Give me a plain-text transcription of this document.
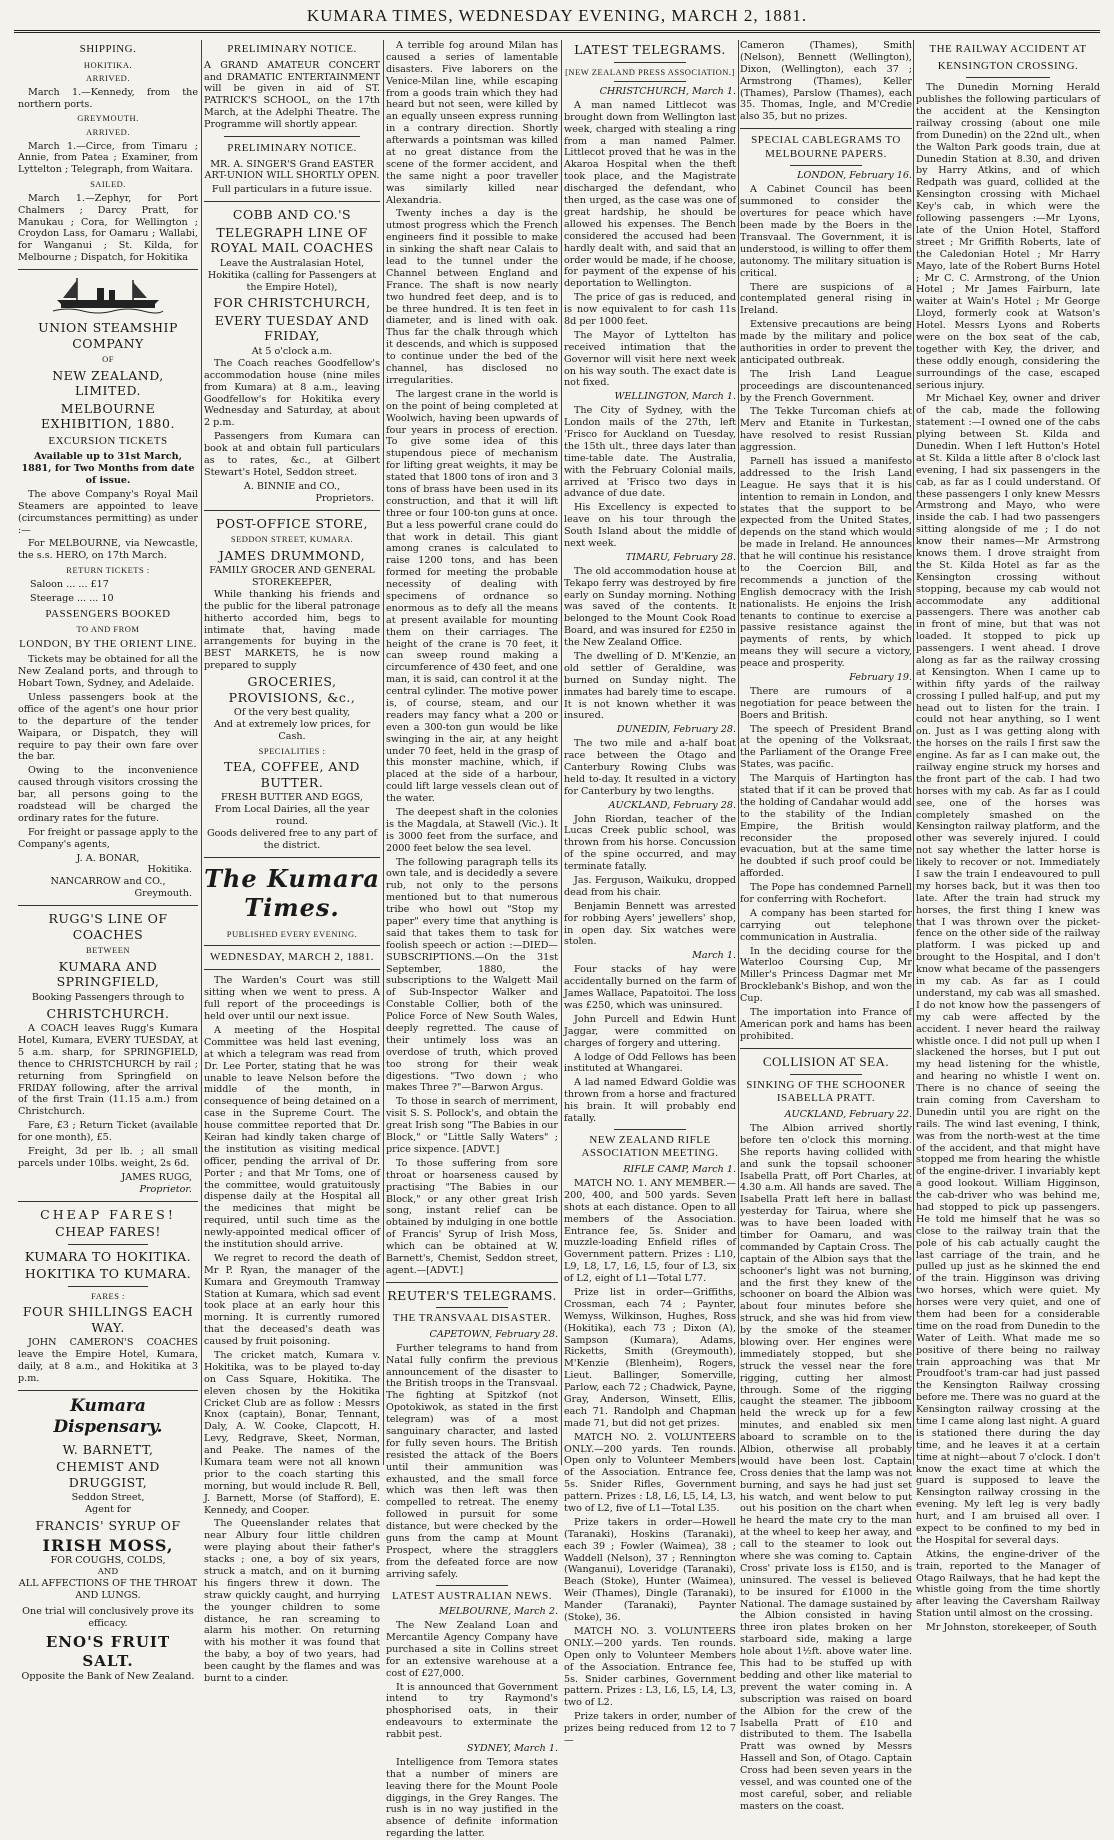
KUMARA TIMES, WEDNESDAY EVENING, MARCH 2, 1881.
SHIPPING.
HOKITIKA.
ARRIVED.

March 1.—Kennedy, from the northern ports.

GREYMOUTH.
ARRIVED.

March 1.—Circe, from Timaru ; Annie, from Patea ; Examiner, from Lyttelton ; Telegraph, from Waitara.

SAILED.

March 1.—Zephyr, for Port Chalmers ; Darcy Pratt, for Manukau ; Cora, for Wellington ; Croydon Lass, for Oamaru ; Wallabi, for Wanganui ; St. Kilda, for Melbourne ; Dispatch, for Hokitika

UNION STEAMSHIP COMPANY
OF
NEW ZEALAND, LIMITED.
MELBOURNE EXHIBITION, 1880.
EXCURSION TICKETS

Available up to 31st March, 1881, for Two Months from date of issue.

The above Company's Royal Mail Steamers are appointed to leave (circumstances permitting) as under :—

For MELBOURNE, via Newcastle, the s.s. HERO, on 17th March.

RETURN TICKETS :

Saloon ... ... £17

Steerage ... ... 10

PASSENGERS BOOKED
TO AND FROM
LONDON, BY THE ORIENT LINE.

Tickets may be obtained for all the New Zealand ports, and through to Hobart Town, Sydney, and Adelaide.

Unless passengers book at the office of the agent's one hour prior to the departure of the tender Waipara, or Dispatch, they will require to pay their own fare over the bar.

Owing to the inconvenience caused through visitors crossing the bar, all persons going to the roadstead will be charged the ordinary rates for the future.

For freight or passage apply to the Company's agents,

J. A. BONAR,
Hokitika.
NANCARROW and CO.,
Greymouth.
RUGG'S LINE OF COACHES
BETWEEN
KUMARA AND SPRINGFIELD,
Booking Passengers through to
CHRISTCHURCH.

A COACH leaves Rugg's Kumara Hotel, Kumara, EVERY TUESDAY, at 5 a.m. sharp, for SPRINGFIELD, thence to CHRISTCHURCH by rail ; returning from Springfield on FRIDAY following, after the arrival of the first Train (11.15 a.m.) from Christchurch.

Fare, £3 ; Return Ticket (available for one month), £5.

Freight, 3d per lb. ; all small parcels under 10lbs. weight, 2s 6d.

JAMES RUGG,
Proprietor.
CHEAP FARES!
CHEAP FARES!
KUMARA TO HOKITIKA.
HOKITIKA TO KUMARA.
FARES :
FOUR SHILLINGS EACH WAY.

JOHN CAMERON'S COACHES leave the Empire Hotel, Kumara, daily, at 8 a.m., and Hokitika at 3 p.m.

Kumara Dispensary.
W. BARNETT,
CHEMIST AND DRUGGIST,
Seddon Street,
Agent for
FRANCIS' SYRUP OF
IRISH MOSS,
FOR COUGHS, COLDS,
AND
ALL AFFECTIONS OF THE THROAT AND LUNGS.

One trial will conclusively prove its efficacy.

ENO'S FRUIT SALT.
Opposite the Bank of New Zealand.
PRELIMINARY NOTICE.

A GRAND AMATEUR CONCERT and DRAMATIC ENTERTAINMENT will be given in aid of ST. PATRICK'S SCHOOL, on the 17th March, at the Adelphi Theatre. The Programme will shortly appear.

PRELIMINARY NOTICE.

MR. A. SINGER'S Grand EASTER ART-UNION WILL SHORTLY OPEN.

Full particulars in a future issue.

COBB AND CO.'S
TELEGRAPH LINE OF ROYAL MAIL COACHES
Leave the Australasian Hotel, Hokitika (calling for Passengers at the Empire Hotel),
FOR CHRISTCHURCH,
EVERY TUESDAY AND FRIDAY,
At 5 o'clock a.m.

The Coach reaches Goodfellow's accommodation house (nine miles from Kumara) at 8 a.m., leaving Goodfellow's for Hokitika every Wednesday and Saturday, at about 2 p.m.

Passengers from Kumara can book at and obtain full particulars as to rates, &c., at Gilbert Stewart's Hotel, Seddon street.

A. BINNIE and CO.,
Proprietors.
POST-OFFICE STORE,
SEDDON STREET, KUMARA.
JAMES DRUMMOND,
FAMILY GROCER AND GENERAL STOREKEEPER,

While thanking his friends and the public for the liberal patronage hitherto accorded him, begs to intimate that, having made arrangements for buying in the BEST MARKETS, he is now prepared to supply

GROCERIES, PROVISIONS, &c.,
Of the very best quality,
And at extremely low prices, for Cash.
SPECIALITIES :
TEA, COFFEE, AND BUTTER.
FRESH BUTTER AND EGGS,
From Local Dairies, all the year round.
Goods delivered free to any part of the district.
The Kumara Times.
PUBLISHED EVERY EVENING.
WEDNESDAY, MARCH 2, 1881.

The Warden's Court was still sitting when we went to press. A full report of the proceedings is held over until our next issue.

A meeting of the Hospital Committee was held last evening, at which a telegram was read from Dr. Lee Porter, stating that he was unable to leave Nelson before the middle of the month, in consequence of being detained on a case in the Supreme Court. The house committee reported that Dr. Keiran had kindly taken charge of the institution as visiting medical officer, pending the arrival of Dr. Porter ; and that Mr Toms, one of the committee, would gratuitously dispense daily at the Hospital all the medicines that might be required, until such time as the newly-appointed medical officer of the institution should arrive.

We regret to record the death of Mr P. Ryan, the manager of the Kumara and Greymouth Tramway Station at Kumara, which sad event took place at an early hour this morning. It is currently rumored that the deceased's death was caused by fruit poisoning.

The cricket match, Kumara v. Hokitika, was to be played to-day on Cass Square, Hokitika. The eleven chosen by the Hokitika Cricket Club are as follow : Messrs Knox (captain), Bonar, Tennant, Daly, A. W. Cooke, Clapcott, H. Levy, Redgrave, Skeet, Norman, and Peake. The names of the Kumara team were not all known prior to the coach starting this morning, but would include R. Bell, J. Barnett, Morse (of Stafford), E. Kennedy, and Cooper.

The Queenslander relates that near Albury four little children were playing about their father's stacks ; one, a boy of six years, struck a match, and on it burning his fingers threw it down. The straw quickly caught, and hurrying the younger children to some distance, he ran screaming to alarm his mother. On returning with his mother it was found that the baby, a boy of two years, had been caught by the flames and was burnt to a cinder.

A terrible fog around Milan has caused a series of lamentable disasters. Five laborers on the Venice-Milan line, while escaping from a goods train which they had heard but not seen, were killed by an equally unseen express running in a contrary direction. Shortly afterwards a pointsman was killed at no great distance from the scene of the former accident, and the same night a poor traveller was similarly killed near Alexandria.

Twenty inches a day is the utmost progress which the French engineers find it possible to make in sinking the shaft near Calais to lead to the tunnel under the Channel between England and France. The shaft is now nearly two hundred feet deep, and is to be three hundred. It is ten feet in diameter, and is lined with oak. Thus far the chalk through which it descends, and which is supposed to continue under the bed of the channel, has disclosed no irregularities.

The largest crane in the world is on the point of being completed at Woolwich, having been upwards of four years in process of erection. To give some idea of this stupendous piece of mechanism for lifting great weights, it may be stated that 1800 tons of iron and 3 tons of brass have been used in its construction, and that it will lift three or four 100-ton guns at once. But a less powerful crane could do that work in detail. This giant among cranes is calculated to raise 1200 tons, and has been formed for meeting the probable necessity of dealing with specimens of ordnance so enormous as to defy all the means at present available for mounting them on their carriages. The height of the crane is 70 feet, it can sweep round making a circumference of 430 feet, and one man, it is said, can control it at the central cylinder. The motive power is, of course, steam, and our readers may fancy what a 200 or even a 300-ton gun would be like swinging in the air, at any height under 70 feet, held in the grasp of this monster machine, which, if placed at the side of a harbour, could lift large vessels clean out of the water.

The deepest shaft in the colonies is the Magdala, at Stawell (Vic.). It is 3000 feet from the surface, and 2000 feet below the sea level.

The following paragraph tells its own tale, and is decidedly a severe rub, not only to the persons mentioned but to that numerous tribe who howl out "Stop my paper" every time that anything is said that takes them to task for foolish speech or action :—DIED—SUBSCRIPTIONS.—On the 31st September, 1880, the subscriptions to the Walgett Mail of Sub-Inspector Walker and Constable Collier, both of the Police Force of New South Wales, deeply regretted. The cause of their untimely loss was an overdose of truth, which proved too strong for their weak digestions. "Two down ; who makes Three ?"—Barwon Argus.

To those in search of merriment, visit S. S. Pollock's, and obtain the great Irish song "The Babies in our Block," or "Little Sally Waters" ; price sixpence. [ADVT.]

To those suffering from sore throat or hoarseness caused by practising "The Babies in our Block," or any other great Irish song, instant relief can be obtained by indulging in one bottle of Francis' Syrup of Irish Moss, which can be obtained at W. Barnett's, Chemist, Seddon street, agent.—[ADVT.]

REUTER'S TELEGRAMS.
THE TRANSVAAL DISASTER.
CAPETOWN, February 28.

Further telegrams to hand from Natal fully confirm the previous announcement of the disaster to the British troops in the Transvaal. The fighting at Spitzkof (not Opotokiwok, as stated in the first telegram) was of a most sanguinary character, and lasted for fully seven hours. The British resisted the attack of the Boers until their ammunition was exhausted, and the small force which was then left was then compelled to retreat. The enemy followed in pursuit for some distance, but were checked by the guns from the camp at Mount Prospect, where the stragglers from the defeated force are now arriving safely.

LATEST AUSTRALIAN NEWS.
MELBOURNE, March 2.

The New Zealand Loan and Mercantile Agency Company have purchased a site in Collins street for an extensive warehouse at a cost of £27,000.

It is announced that Government intend to try Raymond's phosphorised oats, in their endeavours to exterminate the rabbit pest.

SYDNEY, March 1.

Intelligence from Temora states that a number of miners are leaving there for the Mount Poole diggings, in the Grey Ranges. The rush is in no way justified in the absence of definite information regarding the latter.

LATEST TELEGRAMS.
[NEW ZEALAND PRESS ASSOCIATION.]
CHRISTCHURCH, March 1.

A man named Littlecot was brought down from Wellington last week, charged with stealing a ring from a man named Palmer. Littlecot proved that he was in the Akaroa Hospital when the theft took place, and the Magistrate discharged the defendant, who then urged, as the case was one of great hardship, he should be allowed his expenses. The Bench considered the accused had been hardly dealt with, and said that an order would be made, if he choose, for payment of the expense of his deportation to Wellington.

The price of gas is reduced, and is now equivalent to for cash 11s 8d per 1000 feet.

The Mayor of Lyttelton has received intimation that the Governor will visit here next week on his way south. The exact date is not fixed.

WELLINGTON, March 1.

The City of Sydney, with the London mails of the 27th, left 'Frisco for Auckland on Tuesday, the 15th ult., three days later than time-table date. The Australia, with the February Colonial mails, arrived at 'Frisco two days in advance of due date.

His Excellency is expected to leave on his tour through the South Island about the middle of next week.

TIMARU, February 28.

The old accommodation house at Tekapo ferry was destroyed by fire early on Sunday morning. Nothing was saved of the contents. It belonged to the Mount Cook Road Board, and was insured for £250 in the New Zealand Office.

The dwelling of D. M'Kenzie, an old settler of Geraldine, was burned on Sunday night. The inmates had barely time to escape. It is not known whether it was insured.

DUNEDIN, February 28.

The two mile and a-half boat race between the Otago and Canterbury Rowing Clubs was held to-day. It resulted in a victory for Canterbury by two lengths.

AUCKLAND, February 28.

John Riordan, teacher of the Lucas Creek public school, was thrown from his horse. Concussion of the spine occurred, and may terminate fatally.

Jas. Ferguson, Waikuku, dropped dead from his chair.

Benjamin Bennett was arrested for robbing Ayers' jewellers' shop, in open day. Six watches were stolen.

March 1.

Four stacks of hay were accidentally burned on the farm of James Wallace, Papatoitoi. The loss was £250, which was uninsured.

John Purcell and Edwin Hunt Jaggar, were committed on charges of forgery and uttering.

A lodge of Odd Fellows has been instituted at Whangarei.

A lad named Edward Goldie was thrown from a horse and fractured his brain. It will probably end fatally.

NEW ZEALAND RIFLE ASSOCIATION MEETING.
RIFLE CAMP, March 1.

MATCH NO. 1. ANY MEMBER.—200, 400, and 500 yards. Seven shots at each distance. Open to all members of the Association. Entrance fee, 5s. Snider and muzzle-loading Enfield rifles of Government pattern. Prizes : L10, L9, L8, L7, L6, L5, four of L3, six of L2, eight of L1—Total L77.

Prize list in order—Griffiths, Crossman, each 74 ; Paynter, Wemyss, Wilkinson, Hughes, Ross (Hokitika), each 73 ; Dixon (A), Sampson (Kumara), Adams, Ricketts, Smith (Greymouth), M'Kenzie (Blenheim), Rogers, Lieut. Ballinger, Somerville, Parlow, each 72 ; Chadwick, Payne, Gray, Anderson, Winsett, Ellis, each 71. Randolph and Chapman made 71, but did not get prizes.

MATCH NO. 2. VOLUNTEERS ONLY.—200 yards. Ten rounds. Open only to Volunteer Members of the Association. Entrance fee, 5s. Snider Rifles, Government pattern. Prizes : L8, L6, L5, L4, L3, two of L2, five of L1—Total L35.

Prize takers in order—Howell (Taranaki), Hoskins (Taranaki), each 39 ; Fowler (Waimea), 38 ; Waddell (Nelson), 37 ; Rennington (Wanganui), Loveridge (Taranaki), Beach (Stoke), Hunter (Waimea), Weir (Thames), Dingle (Taranaki), Mander (Taranaki), Paynter (Stoke), 36.

MATCH NO. 3. VOLUNTEERS ONLY.—200 yards. Ten rounds. Open only to Volunteer Members of the Association. Entrance fee, 5s. Snider carbines, Government pattern. Prizes : L3, L6, L5, L4, L3, two of L2.

Prize takers in order, number of prizes being reduced from 12 to 7—

Cameron (Thames), Smith (Nelson), Bennett (Wellington), Dixon, (Wellington), each 37 ; Armstrong (Thames), Keller (Thames), Parslow (Thames), each 35. Thomas, Ingle, and M'Credie also 35, but no prizes.

SPECIAL CABLEGRAMS TO MELBOURNE PAPERS.
LONDON, February 16.

A Cabinet Council has been summoned to consider the overtures for peace which have been made by the Boers in the Transvaal. The Government, it is understood, is willing to offer them autonomy. The military situation is critical.

There are suspicions of a contemplated general rising in Ireland.

Extensive precautions are being made by the military and police authorities in order to prevent the anticipated outbreak.

The Irish Land League proceedings are discountenanced by the French Government.

The Tekke Turcoman chiefs at Merv and Etanite in Turkestan, have resolved to resist Russian aggression.

Parnell has issued a manifesto addressed to the Irish Land League. He says that it is his intention to remain in London, and states that the support to be expected from the United States, depends on the stand which would be made in Ireland. He announces that he will continue his resistance to the Coercion Bill, and recommends a junction of the English democracy with the Irish nationalists. He enjoins the Irish tenants to continue to exercise a passive resistance against the payments of rents, by which means they will secure a victory, peace and prosperity.

February 19.

There are rumours of a negotiation for peace between the Boers and British.

The speech of President Brand at the opening of the Volksraat, the Parliament of the Orange Free States, was pacific.

The Marquis of Hartington has stated that if it can be proved that the holding of Candahar would add to the stability of the Indian Empire, the British would reconsider the proposed evacuation, but at the same time he doubted if such proof could be afforded.

The Pope has condemned Parnell for conferring with Rochefort.

A company has been started for carrying out telephone communication in Australia.

In the deciding course for the Waterloo Coursing Cup, Mr Miller's Princess Dagmar met Mr Brocklebank's Bishop, and won the Cup.

The importation into France of American pork and hams has been prohibited.

COLLISION AT SEA.
SINKING OF THE SCHOONER ISABELLA PRATT.
AUCKLAND, February 22.

The Albion arrived shortly before ten o'clock this morning. She reports having collided with and sunk the topsail schooner Isabella Pratt, off Port Charles, at 4.30 a.m. All hands are saved. The Isabella Pratt left here in ballast yesterday for Tairua, where she was to have been loaded with timber for Oamaru, and was commanded by Captain Cross. The captain of the Albion says that the schooner's light was not burning, and the first they knew of the schooner on board the Albion was about four minutes before she struck, and she was hid from view by the smoke of the steamer blowing over. Her engines were immediately stopped, but she struck the vessel near the fore rigging, cutting her almost through. Some of the rigging caught the steamer. The jibboom held the wreck up for a few minutes, and enabled six men aboard to scramble on to the Albion, otherwise all probably would have been lost. Captain Cross denies that the lamp was not burning, and says he had just set his watch, and went below to put out his position on the chart when he heard the mate cry to the man at the wheel to keep her away, and call to the steamer to look out where she was coming to. Captain Cross' private loss is £150, and is uninsured. The vessel is believed to be insured for £1000 in the National. The damage sustained by the Albion consisted in having three iron plates broken on her starboard side, making a large hole about 1½ft. above water line. This had to be stuffed up with bedding and other like material to prevent the water coming in. A subscription was raised on board the Albion for the crew of the Isabella Pratt of £10 and distributed to them. The Isabella Pratt was owned by Messrs Hassell and Son, of Otago. Captain Cross had been seven years in the vessel, and was counted one of the most careful, sober, and reliable masters on the coast.

THE RAILWAY ACCIDENT AT
KENSINGTON CROSSING.

The Dunedin Morning Herald publishes the following particulars of the accident at the Kensington railway crossing (about one mile from Dunedin) on the 22nd ult., when the Walton Park goods train, due at Dunedin Station at 8.30, and driven by Harry Atkins, and of which Redpath was guard, collided at the Kensington crossing with Michael Key's cab, in which were the following passengers :—Mr Lyons, late of the Union Hotel, Stafford street ; Mr Griffith Roberts, late of the Caledonian Hotel ; Mr Harry Mayo, late of the Robert Burns Hotel ; Mr C. C. Armstrong, of the Union Hotel ; Mr James Fairburn, late waiter at Wain's Hotel ; Mr George Lloyd, formerly cook at Watson's Hotel. Messrs Lyons and Roberts were on the box seat of the cab, together with Key, the driver, and these oddly enough, considering the surroundings of the case, escaped serious injury.

Mr Michael Key, owner and driver of the cab, made the following statement :—I owned one of the cabs plying between St. Kilda and Dunedin. When I left Hutton's Hotel at St. Kilda a little after 8 o'clock last evening, I had six passengers in the cab, as far as I could understand. Of these passengers I only knew Messrs Armstrong and Mayo, who were inside the cab. I had two passengers sitting alongside of me ; I do not know their names—Mr Armstrong knows them. I drove straight from the St. Kilda Hotel as far as the Kensington crossing without stopping, because my cab would not accommodate any additional passengers. There was another cab in front of mine, but that was not loaded. It stopped to pick up passengers. I went ahead. I drove along as far as the railway crossing at Kensington. When I came up to within fifty yards of the railway crossing I pulled half-up, and put my head out to listen for the train. I could not hear anything, so I went on. Just as I was getting along with the horses on the rails I first saw the engine. As far as I can make out, the railway engine struck my horses and the front part of the cab. I had two horses with my cab. As far as I could see, one of the horses was completely smashed on the Kensington railway platform, and the other was severely injured. I could not say whether the latter horse is likely to recover or not. Immediately I saw the train I endeavoured to pull my horses back, but it was then too late. After the train had struck my horses, the first thing I knew was that I was thrown over the picket-fence on the other side of the railway platform. I was picked up and brought to the Hospital, and I don't know what became of the passengers in my cab. As far as I could understand, my cab was all smashed. I do not know how the passengers of my cab were affected by the accident. I never heard the railway whistle once. I did not pull up when I slackened the horses, but I put out my head listening for the whistle, and hearing no whistle I went on. There is no chance of seeing the train coming from Caversham to Dunedin until you are right on the rails. The wind last evening, I think, was from the north-west at the time of the accident, and that might have stopped me from hearing the whistle of the engine-driver. I invariably kept a good lookout. William Higginson, the cab-driver who was behind me, had stopped to pick up passengers. He told me himself that he was so close to the railway train that the pole of his cab actually caught the last carriage of the train, and he pulled up just as he skinned the end of the train. Higginson was driving two horses, which were quiet. My horses were very quiet, and one of them had been for a considerable time on the road from Dunedin to the Water of Leith. What made me so positive of there being no railway train approaching was that Mr Proudfoot's tram-car had just passed the Kensington Railway crossing before me. There was no guard at the Kensington railway crossing at the time I came along last night. A guard is stationed there during the day time, and he leaves it at a certain time at night—about 7 o'clock. I don't know the exact time at which the guard is supposed to leave the Kensington railway crossing in the evening. My left leg is very badly hurt, and I am bruised all over. I expect to be confined to my bed in the Hospital for several days.

Atkins, the engine-driver of the train, reported to the Manager of Otago Railways, that he had kept the whistle going from the time shortly after leaving the Caversham Railway Station until almost on the crossing.

Mr Johnston, storekeeper, of South
